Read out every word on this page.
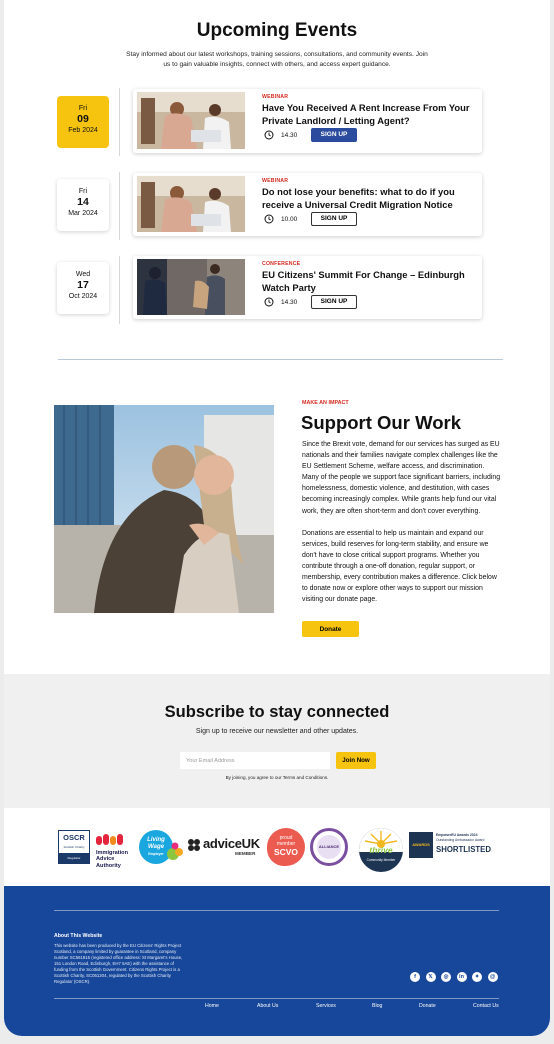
Upcoming Events

Stay informed about our latest workshops, training sessions, consultations, and community events. Join us to gain valuable insights, connect with others, and access expert guidance.

Fri
09
Feb 2024
WEBINAR
Have You Received A Rent Increase From Your Private Landlord / Letting Agent?
14.30	SIGN UP
Fri
14
Mar 2024
WEBINAR
Do not lose your benefits: what to do if you receive a Universal Credit Migration Notice
10.00	SIGN UP
Wed
17
Oct 2024
CONFERENCE
EU Citizens' Summit For Change – Edinburgh Watch Party
14.30	SIGN UP
MAKE AN IMPACT
Support Our Work

Since the Brexit vote, demand for our services has surged as EU nationals and their families navigate complex challenges like the EU Settlement Scheme, welfare access, and discrimination. Many of the people we support face significant barriers, including homelessness, domestic violence, and destitution, with cases becoming increasingly complex. While grants help fund our vital work, they are often short-term and don't cover everything.

Donations are essential to help us maintain and expand our services, build reserves for long-term stability, and ensure we don't have to close critical support programs. Whether you contribute through a one-off donation, regular support, or membership, every contribution makes a difference. Click below to donate now or explore other ways to support our mission visiting our donate page.

Donate
Subscribe to stay connected

Sign up to receive our newsletter and other updates.

Your Email Address
Join Now

By joining, you agree to our Terms and Conditions.

OSCR
Scottish Charity
Regulator
Immigration
Advice
Authority
Living
Wage
Employer
adviceUK
MEMBER
proud
member
SCVO
ALLIANCE	thrive
Community Member
AWARDS
EmpowerEU Awards 2024
Outstanding Ambassador Award
SHORTLISTED
About This Website
This website has been produced by the EU Citizens' Rights Project Scotland, a company limited by guarantee in Scotland, company number SC561815 (registered office address: St Margaret's House, 151 London Road, Edinburgh, EH7 6AE) with the assistance of funding from the Scottish Government. Citizens Rights Project is a Scottish Charity, SC051204, regulated by the Scottish Charity Regulator (OSCR).
f	𝕏	◎	in	✦	@
Home	About Us	Services	Blog	Donate	Contact Us
